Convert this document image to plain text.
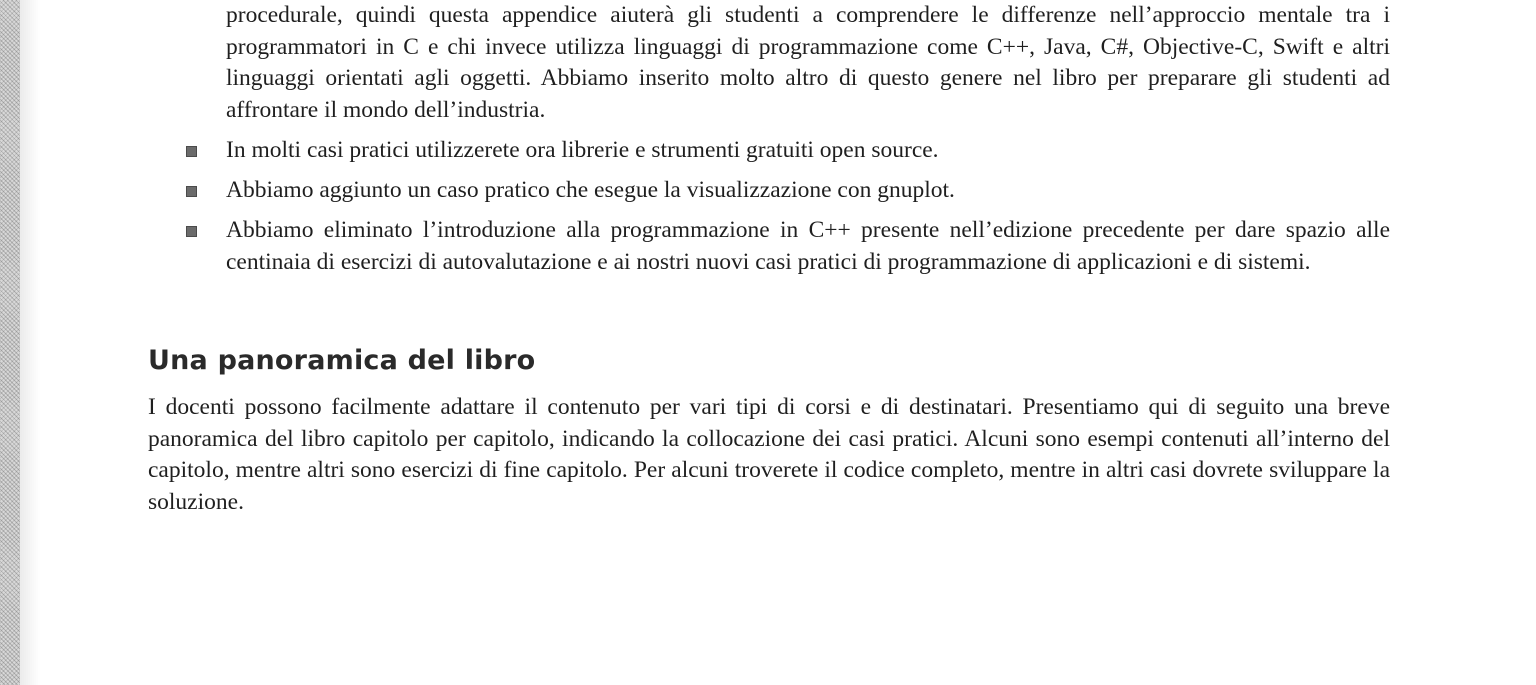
procedurale, quindi questa appendice aiuterà gli studenti a comprendere le differenze nell’approccio mentale tra i programmatori in C e chi invece utilizza linguaggi di programmazione come C++, Java, C#, Objective-C, Swift e altri linguaggi orientati agli oggetti. Abbiamo inserito molto altro di questo genere nel libro per preparare gli studenti ad affrontare il mondo dell’industria.

In molti casi pratici utilizzerete ora librerie e strumenti gratuiti open source.

Abbiamo aggiunto un caso pratico che esegue la visualizzazione con gnuplot.

Abbiamo eliminato l’introduzione alla programmazione in C++ presente nell’edizione precedente per dare spazio alle centinaia di esercizi di autovalutazione e ai nostri nuovi casi pratici di programmazione di applicazioni e di sistemi.

Una panoramica del libro

I docenti possono facilmente adattare il contenuto per vari tipi di corsi e di destinatari. Presentiamo qui di seguito una breve panoramica del libro capitolo per capitolo, indicando la collocazione dei casi pratici. Alcuni sono esempi contenuti all’interno del capitolo, mentre altri sono esercizi di fine capitolo. Per alcuni troverete il codice completo, mentre in altri casi dovrete sviluppare la soluzione.
